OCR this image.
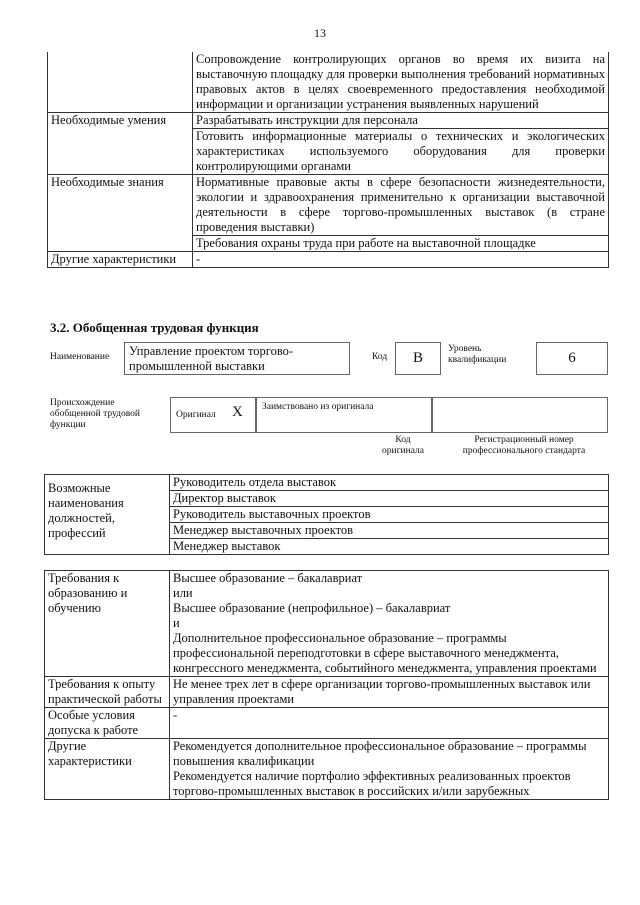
13
	Сопровождение контролирующих органов во время их визита на выставочную площадку для проверки выполнения требований нормативных правовых актов в целях своевременного предоставления необходимой информации и организации устранения выявленных нарушений
Необходимые умения	Разрабатывать инструкции для персонала
	Готовить информационные материалы о технических и экологических характеристиках используемого оборудования для проверки контролирующими органами
Необходимые знания	Нормативные правовые акты в сфере безопасности жизнедеятельности, экологии и здравоохранения применительно к организации выставочной деятельности в сфере торгово-промышленных выставок (в стране проведения выставки)
	Требования охраны труда при работе на выставочной площадке
Другие характеристики	-
3.2. Обобщенная трудовая функция
Наименование	Управление проектом торгово-промышленной выставки
Код	B
Уровень квалификации	6
Происхождение обобщенной трудовой функции
Оригинал X Заимствовано из оригинала
Код оригинала
Регистрационный номер профессионального стандарта
Возможные наименования должностей, профессий	Руководитель отдела выставок
Директор выставок
Руководитель выставочных проектов
Менеджер выставочных проектов
Менеджер выставок
Требования к образованию и обучению	Высшее образование – бакалавриат
или
Высшее образование (непрофильное) – бакалавриат
и
Дополнительное профессиональное образование – программы профессиональной переподготовки в сфере выставочного менеджмента, конгрессного менеджмента, событийного менеджмента, управления проектами

Требования к опыту практической работы	Не менее трех лет в сфере организации торгово-промышленных выставок или управления проектами
Особые условия допуска к работе	-
Другие характеристики	Рекомендуется дополнительное профессиональное образование – программы повышения квалификации
Рекомендуется наличие портфолио эффективных реализованных проектов торгово-промышленных выставок в российских и/или зарубежных
